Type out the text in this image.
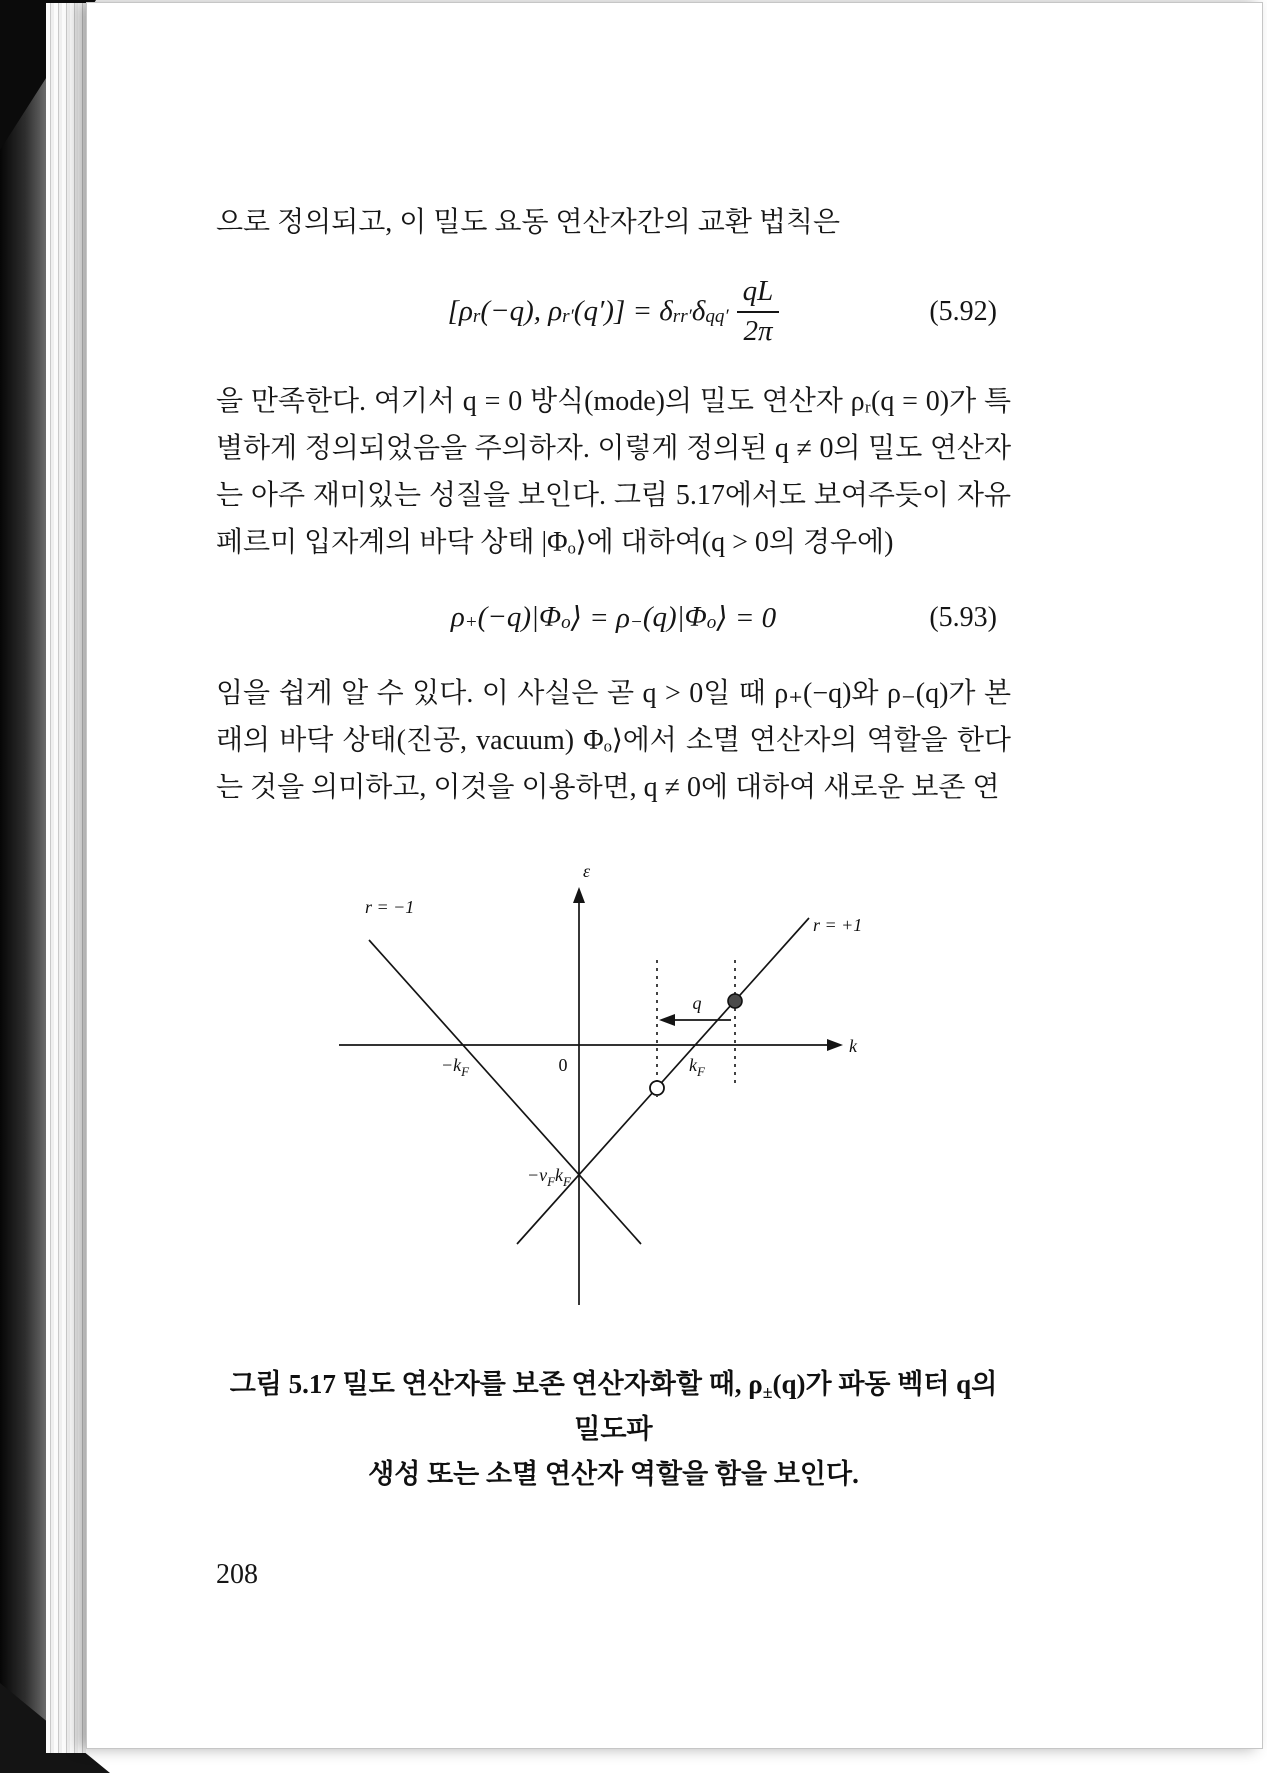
으로 정의되고, 이 밀도 요동 연산자간의 교환 법칙은

[$\rho_r$ (−q), $\rho_{r'}$ $(q')] = \delta_{rr'}$ $\delta_{qq'} \frac{qL}{2\pi}$	(5.92)

을 만족한다. 여기서 q = 0 방식(mode)의 밀도 연산자 ρᵣ(q = 0)가 특별하게 정의되었음을 주의하자. 이렇게 정의된 q ≠ 0의 밀도 연산자는 아주 재미있는 성질을 보인다. 그림 5.17에서도 보여주듯이 자유 페르미 입자계의 바닥 상태 |Φₒ⟩에 대하여(q > 0의 경우에)

$\rho_+$ $(-q)|\Phi_o$ ⟩ = $\rho_-$ $(q)|\Phi_o$ ⟩ = 0	(5.93)

임을 쉽게 알 수 있다. 이 사실은 곧 q > 0일 때 ρ₊(−q)와 ρ₋(q)가 본래의 바닥 상태(진공, vacuum) Φₒ⟩에서 소멸 연산자의 역할을 한다는 것을 의미하고, 이것을 이용하면, q ≠ 0에 대하여 새로운 보존 연

ε
k
r = −1
r = +1
0
q
$-k_F$	$k_F$
$-v_Fk_F$
그림 5.17 밀도 연산자를 보존 연산자화할 때, $\rho_\pm(q)$가 파동 벡터 q의 밀도파
생성 또는 소멸 연산자 역할을 함을 보인다.
208
